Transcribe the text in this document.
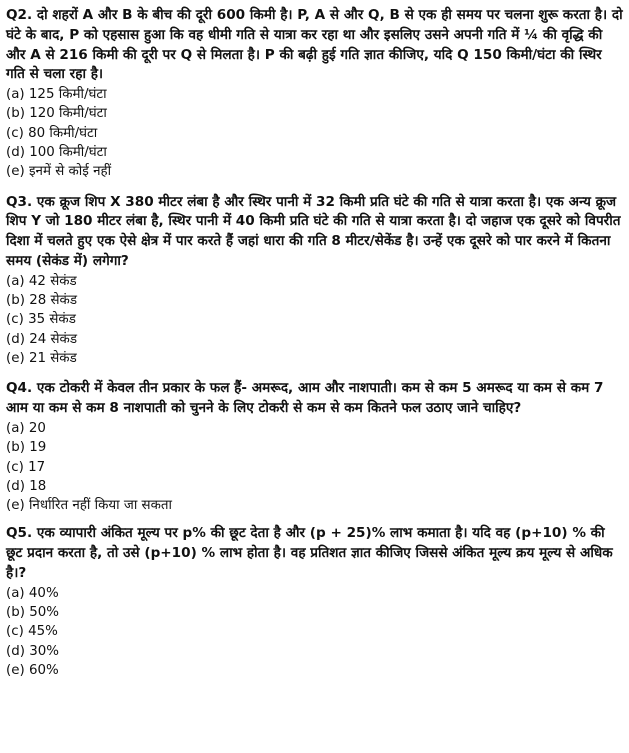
Q2. दो शहरों A और B के बीच की दूरी 600 किमी है। P, A से और Q, B से एक ही समय पर चलना शुरू करता है। दो घंटे के बाद, P को एहसास हुआ कि वह धीमी गति से यात्रा कर रहा था और इसलिए उसने अपनी गति में ¼ की वृद्धि की और A से 216 किमी की दूरी पर Q से मिलता है। P की बढ़ी हुई गति ज्ञात कीजिए, यदि Q 150 किमी/घंटा की स्थिर गति से चला रहा है।
(a) 125 किमी/घंटा
(b) 120 किमी/घंटा
(c) 80 किमी/घंटा
(d) 100 किमी/घंटा
(e) इनमें से कोई नहीं
Q3. एक क्रूज शिप X 380 मीटर लंबा है और स्थिर पानी में 32 किमी प्रति घंटे की गति से यात्रा करता है। एक अन्य क्रूज शिप Y जो 180 मीटर लंबा है, स्थिर पानी में 40 किमी प्रति घंटे की गति से यात्रा करता है। दो जहाज एक दूसरे को विपरीत दिशा में चलते हुए एक ऐसे क्षेत्र में पार करते हैं जहां धारा की गति 8 मीटर/सेकेंड है। उन्हें एक दूसरे को पार करने में कितना समय (सेकंड में) लगेगा?
(a) 42 सेकंड
(b) 28 सेकंड
(c) 35 सेकंड
(d) 24 सेकंड
(e) 21 सेकंड
Q4. एक टोकरी में केवल तीन प्रकार के फल हैं- अमरूद, आम और नाशपाती। कम से कम 5 अमरूद या कम से कम 7 आम या कम से कम 8 नाशपाती को चुनने के लिए टोकरी से कम से कम कितने फल उठाए जाने चाहिए?
(a) 20
(b) 19
(c) 17
(d) 18
(e) निर्धारित नहीं किया जा सकता
Q5. एक व्यापारी अंकित मूल्य पर p% की छूट देता है और (p + 25)% लाभ कमाता है। यदि वह (p+10) % की छूट प्रदान करता है, तो उसे (p+10) % लाभ होता है। वह प्रतिशत ज्ञात कीजिए जिससे अंकित मूल्य क्रय मूल्य से अधिक है।?
(a) 40%
(b) 50%
(c) 45%
(d) 30%
(e) 60%
